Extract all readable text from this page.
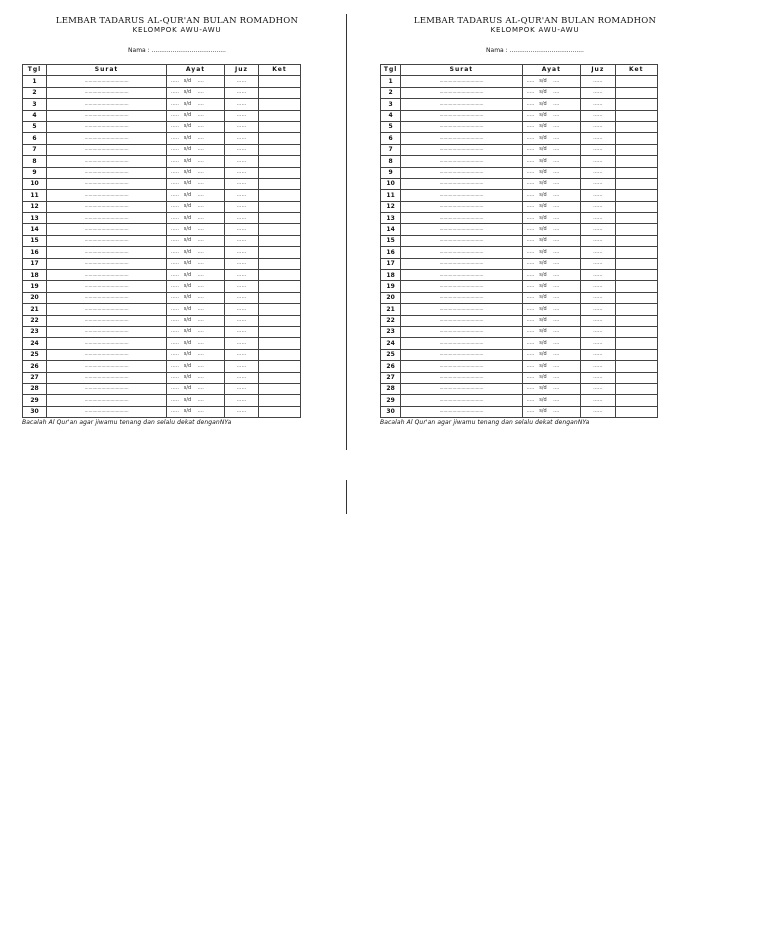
LEMBAR TADARUS AL-QUR'AN BULAN ROMADHON
KELOMPOK AWU-AWU
Nama : .......................................
Tgl	Surat	Ayat	Juz	Ket
1	..................................	.....   s/d    ....	......	
2	..................................	.....   s/d    ....	......	
3	..................................	.....   s/d    ....	......	
4	..................................	.....   s/d    ....	......	
5	..................................	.....   s/d    ....	......	
6	..................................	.....   s/d    ....	......	
7	..................................	.....   s/d    ....	......	
8	..................................	.....   s/d    ....	......	
9	..................................	.....   s/d    ....	......	
10	..................................	.....   s/d    ....	......	
11	..................................	.....   s/d    ....	......	
12	..................................	.....   s/d    ....	......	
13	..................................	.....   s/d    ....	......	
14	..................................	.....   s/d    ....	......	
15	..................................	.....   s/d    ....	......	
16	..................................	.....   s/d    ....	......	
17	..................................	.....   s/d    ....	......	
18	..................................	.....   s/d    ....	......	
19	..................................	.....   s/d    ....	......	
20	..................................	.....   s/d    ....	......	
21	..................................	.....   s/d    ....	......	
22	..................................	.....   s/d    ....	......	
23	..................................	.....   s/d    ....	......	
24	..................................	.....   s/d    ....	......	
25	..................................	.....   s/d    ....	......	
26	..................................	.....   s/d    ....	......	
27	..................................	.....   s/d    ....	......	
28	..................................	.....   s/d    ....	......	
29	..................................	.....   s/d    ....	......	
30	..................................	.....   s/d    ....	......	
Bacalah Al Qur'an agar jiwamu tenang dan selalu dekat denganNYa
LEMBAR TADARUS AL-QUR'AN BULAN ROMADHON
KELOMPOK AWU-AWU
Nama : .......................................
Tgl	Surat	Ayat	Juz	Ket
1	..................................	.....   s/d    ....	......	
2	..................................	.....   s/d    ....	......	
3	..................................	.....   s/d    ....	......	
4	..................................	.....   s/d    ....	......	
5	..................................	.....   s/d    ....	......	
6	..................................	.....   s/d    ....	......	
7	..................................	.....   s/d    ....	......	
8	..................................	.....   s/d    ....	......	
9	..................................	.....   s/d    ....	......	
10	..................................	.....   s/d    ....	......	
11	..................................	.....   s/d    ....	......	
12	..................................	.....   s/d    ....	......	
13	..................................	.....   s/d    ....	......	
14	..................................	.....   s/d    ....	......	
15	..................................	.....   s/d    ....	......	
16	..................................	.....   s/d    ....	......	
17	..................................	.....   s/d    ....	......	
18	..................................	.....   s/d    ....	......	
19	..................................	.....   s/d    ....	......	
20	..................................	.....   s/d    ....	......	
21	..................................	.....   s/d    ....	......	
22	..................................	.....   s/d    ....	......	
23	..................................	.....   s/d    ....	......	
24	..................................	.....   s/d    ....	......	
25	..................................	.....   s/d    ....	......	
26	..................................	.....   s/d    ....	......	
27	..................................	.....   s/d    ....	......	
28	..................................	.....   s/d    ....	......	
29	..................................	.....   s/d    ....	......	
30	..................................	.....   s/d    ....	......	
Bacalah Al Qur'an agar jiwamu tenang dan selalu dekat denganNYa
